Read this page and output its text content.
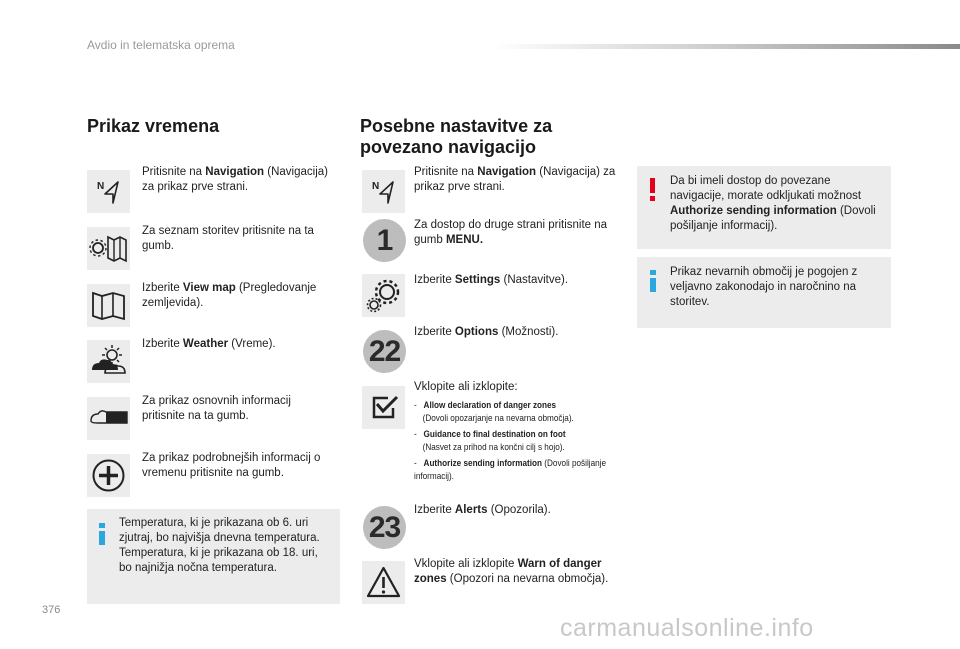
Avdio in telematska oprema
Prikaz vremena
N
Pritisnite na Navigation (Navigacija) za prikaz prve strani.
Za seznam storitev pritisnite na ta gumb.
Izberite View map (Pregledovanje zemljevida).
Izberite Weather (Vreme).
Za prikaz osnovnih informacij pritisnite na ta gumb.
Za prikaz podrobnejših informacij o vremenu pritisnite na gumb.
Temperatura, ki je prikazana ob 6. uri zjutraj, bo najvišja dnevna temperatura. Temperatura, ki je prikazana ob 18. uri, bo najnižja nočna temperatura.
Posebne nastavitve za
povezano navigacijo
N
Pritisnite na Navigation (Navigacija) za prikaz prve strani.
1	Za dostop do druge strani pritisnite na gumb MENU.
Izberite Settings (Nastavitve).
22
Izberite Options (Možnosti).
Vklopite ali izklopite:
-   Allow declaration of danger zones
(Dovoli opozarjanje na nevarna območja).
-   Guidance to final destination on foot
(Nasvet za prihod na končni cilj s hojo).
-   Authorize sending information (Dovoli pošiljanje informacij).
23
Izberite Alerts (Opozorila).
Vklopite ali izklopite Warn of danger zones (Opozori na nevarna območja).
Da bi imeli dostop do povezane navigacije, morate odkljukati možnost Authorize sending information (Dovoli pošiljanje informacij).
Prikaz nevarnih območij je pogojen z veljavno zakonodajo in naročnino na storitev.
376
carmanualsonline.info
